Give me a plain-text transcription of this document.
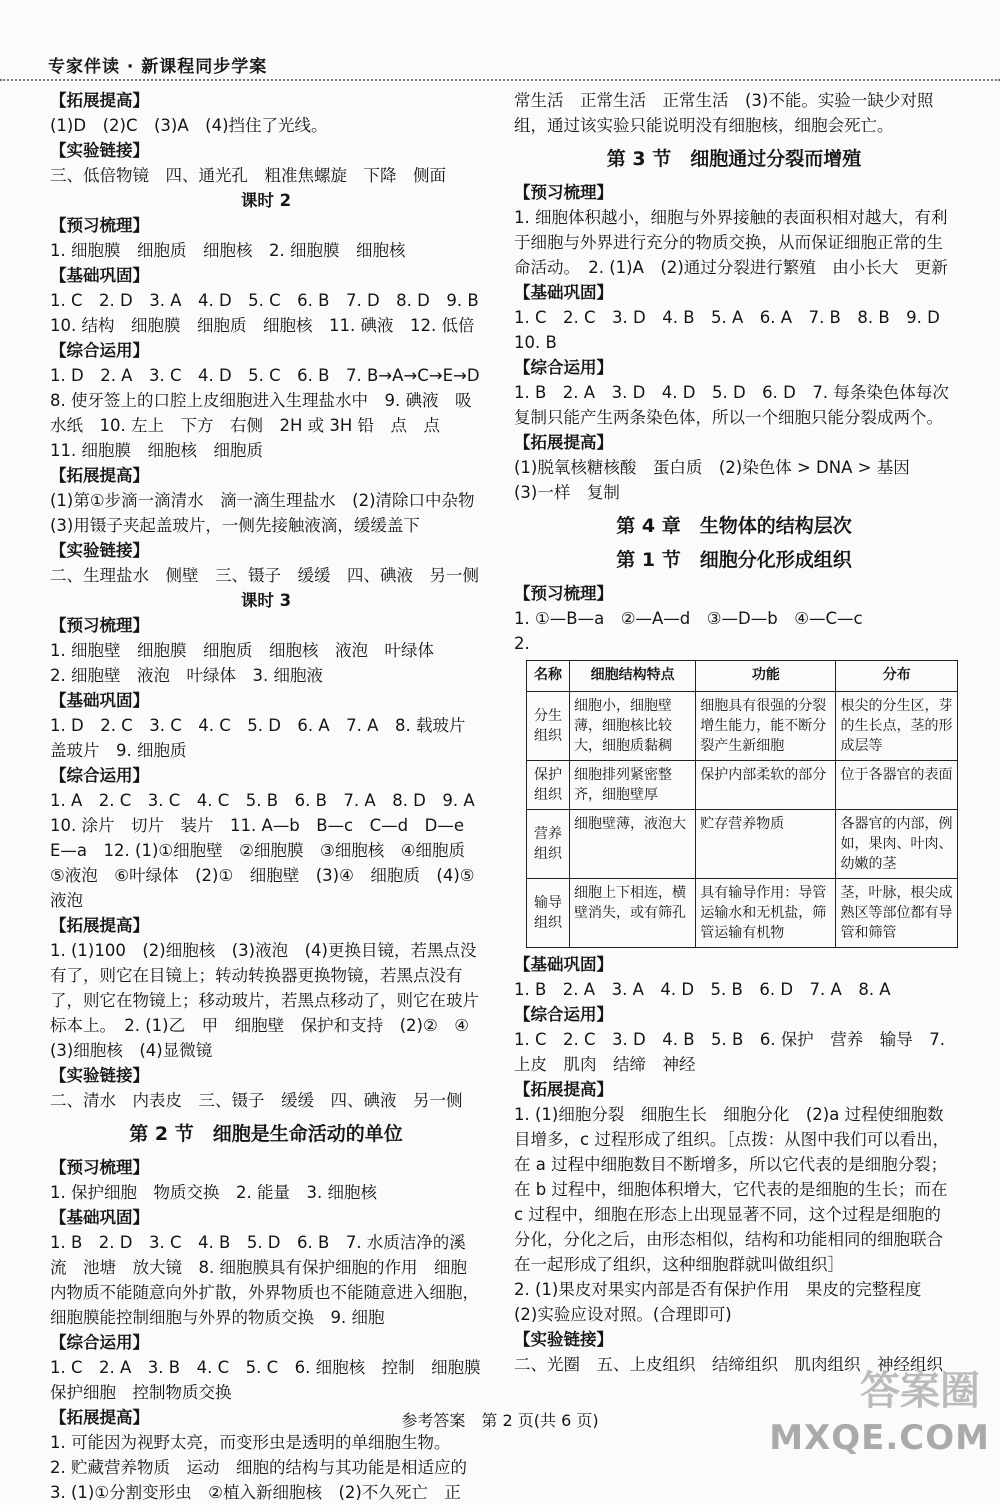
专家伴读 · 新课程同步学案
【拓展提高】
(1)D　(2)C　(3)A　(4)挡住了光线。
【实验链接】
三、低倍物镜　四、通光孔　粗准焦螺旋　下降　侧面
课时 2
【预习梳理】
1. 细胞膜　细胞质　细胞核　2. 细胞膜　细胞核
【基础巩固】
1. C　2. D　3. A　4. D　5. C　6. B　7. D　8. D　9. B
10. 结构　细胞膜　细胞质　细胞核　11. 碘液　12. 低倍
【综合运用】
1. D　2. A　3. C　4. D　5. C　6. B　7. B→A→C→E→D
8. 使牙签上的口腔上皮细胞进入生理盐水中　9. 碘液　吸水纸　10. 左上　下方　右侧　2H 或 3H 铅　点　点
11. 细胞膜　细胞核　细胞质
【拓展提高】
(1)第①步滴一滴清水　滴一滴生理盐水　(2)清除口中杂物　(3)用镊子夹起盖玻片，一侧先接触液滴，缓缓盖下
【实验链接】
二、生理盐水　侧壁　三、镊子　缓缓　四、碘液　另一侧
课时 3
【预习梳理】
1. 细胞壁　细胞膜　细胞质　细胞核　液泡　叶绿体
2. 细胞壁　液泡　叶绿体　3. 细胞液
【基础巩固】
1. D　2. C　3. C　4. C　5. D　6. A　7. A　8. 载玻片　盖玻片　9. 细胞质
【综合运用】
1. A　2. C　3. C　4. C　5. B　6. B　7. A　8. D　9. A
10. 涂片　切片　装片　11. A—b　B—c　C—d　D—e　E—a　12. (1)①细胞壁　②细胞膜　③细胞核　④细胞质　⑤液泡　⑥叶绿体　(2)①　细胞壁　(3)④　细胞质　(4)⑤　液泡
【拓展提高】
1. (1)100　(2)细胞核　(3)液泡　(4)更换目镜，若黑点没有了，则它在目镜上；转动转换器更换物镜，若黑点没有了，则它在物镜上；移动玻片，若黑点移动了，则它在玻片标本上。　2. (1)乙　甲　细胞壁　保护和支持　(2)②　④　(3)细胞核　(4)显微镜
【实验链接】
二、清水　内表皮　三、镊子　缓缓　四、碘液　另一侧
第 2 节　细胞是生命活动的单位
【预习梳理】
1. 保护细胞　物质交换　2. 能量　3. 细胞核
【基础巩固】
1. B　2. D　3. C　4. B　5. D　6. B　7. 水质洁净的溪流　池塘　放大镜　8. 细胞膜具有保护细胞的作用　细胞内物质不能随意向外扩散，外界物质也不能随意进入细胞，细胞膜能控制细胞与外界的物质交换　9. 细胞
【综合运用】
1. C　2. A　3. B　4. C　5. C　6. 细胞核　控制　细胞膜　保护细胞　控制物质交换
【拓展提高】
1. 可能因为视野太亮，而变形虫是透明的单细胞生物。
2. 贮藏营养物质　运动　细胞的结构与其功能是相适应的
3. (1)①分割变形虫　②植入新细胞核　(2)不久死亡　正
常生活　正常生活　正常生活　(3)不能。实验一缺少对照组，通过该实验只能说明没有细胞核，细胞会死亡。
第 3 节　细胞通过分裂而增殖
【预习梳理】
1. 细胞体积越小，细胞与外界接触的表面积相对越大，有利于细胞与外界进行充分的物质交换，从而保证细胞正常的生命活动。　2. (1)A　(2)通过分裂进行繁殖　由小长大　更新
【基础巩固】
1. C　2. C　3. D　4. B　5. A　6. A　7. B　8. B　9. D
10. B
【综合运用】
1. B　2. A　3. D　4. D　5. D　6. D　7. 每条染色体每次复制只能产生两条染色体，所以一个细胞只能分裂成两个。
【拓展提高】
(1)脱氧核糖核酸　蛋白质　(2)染色体 > DNA > 基因
(3)一样　复制
第 4 章　生物体的结构层次
第 1 节　细胞分化形成组织
【预习梳理】
1. ①—B—a　②—A—d　③—D—b　④—C—c
2.
名称	细胞结构特点	功能	分布
分生组织	细胞小，细胞壁薄，细胞核比较大，细胞质黏稠	细胞具有很强的分裂增生能力，能不断分裂产生新细胞	根尖的分生区，芽的生长点，茎的形成层等
保护组织	细胞排列紧密整齐，细胞壁厚	保护内部柔软的部分	位于各器官的表面
营养组织	细胞壁薄，液泡大	贮存营养物质	各器官的内部，例如，果肉、叶肉、幼嫩的茎
输导组织	细胞上下相连，横壁消失，或有筛孔	具有输导作用：导管运输水和无机盐，筛管运输有机物	茎，叶脉，根尖成熟区等部位都有导管和筛管
【基础巩固】
1. B　2. A　3. A　4. D　5. B　6. D　7. A　8. A
【综合运用】
1. C　2. C　3. D　4. B　5. B　6. 保护　营养　输导　7. 上皮　肌肉　结缔　神经
【拓展提高】
1. (1)细胞分裂　细胞生长　细胞分化　(2)a 过程使细胞数目增多，c 过程形成了组织。［点拨：从图中我们可以看出，在 a 过程中细胞数目不断增多，所以它代表的是细胞分裂；在 b 过程中，细胞体积增大，它代表的是细胞的生长；而在 c 过程中，细胞在形态上出现显著不同，这个过程是细胞的分化，分化之后，由形态相似，结构和功能相同的细胞联合在一起形成了组织，这种细胞群就叫做组织］
2. (1)果皮对果实内部是否有保护作用　果皮的完整程度　(2)实验应设对照。(合理即可)
【实验链接】
二、光圈　五、上皮组织　结缔组织　肌肉组织　神经组织
参考答案　第 2 页(共 6 页)
答案圈
MXQE.COM
